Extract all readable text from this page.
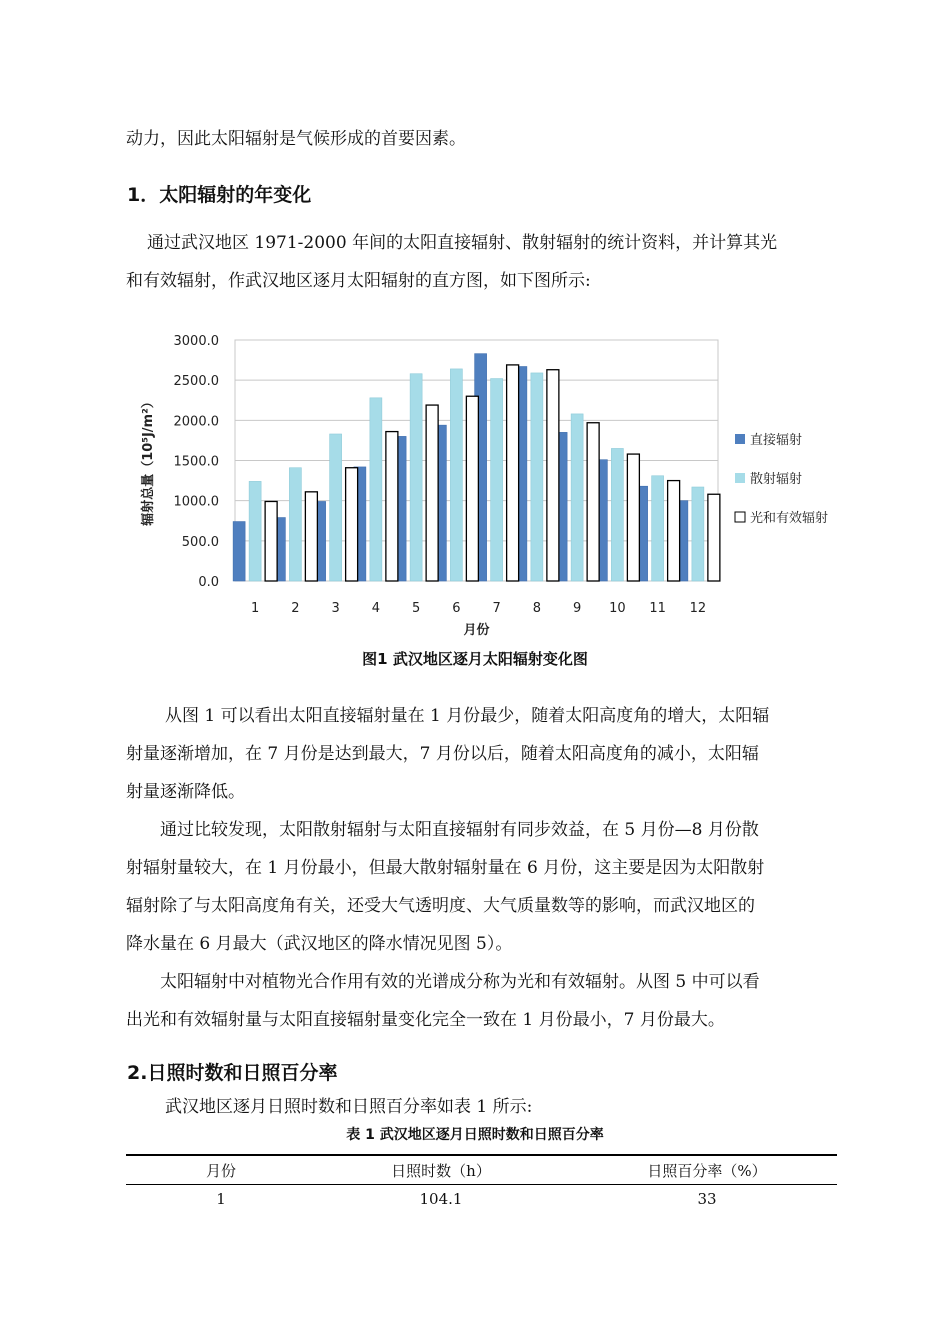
动力，因此太阳辐射是气候形成的首要因素。
1．太阳辐射的年变化
通过武汉地区 1971-2000 年间的太阳直接辐射、散射辐射的统计资料，并计算其光
和有效辐射，作武汉地区逐月太阳辐射的直方图，如下图所示:
0.0
500.0
1000.0
1500.0
2000.0
2500.0
3000.0
1 2 3 4 5 6 7 8 9 10 11 12
月份
辐射总量（10⁵J/m²）	直接辐射
散射辐射
光和有效辐射
图1 武汉地区逐月太阳辐射变化图
从图 1 可以看出太阳直接辐射量在 1 月份最少，随着太阳高度角的增大，太阳辐
射量逐渐增加，在 7 月份是达到最大，7 月份以后，随着太阳高度角的减小，太阳辐
射量逐渐降低。
通过比较发现，太阳散射辐射与太阳直接辐射有同步效益，在 5 月份—8 月份散
射辐射量较大，在 1 月份最小，但最大散射辐射量在 6 月份，这主要是因为太阳散射
辐射除了与太阳高度角有关，还受大气透明度、大气质量数等的影响，而武汉地区的
降水量在 6 月最大（武汉地区的降水情况见图 5）。
太阳辐射中对植物光合作用有效的光谱成分称为光和有效辐射。从图 5 中可以看
出光和有效辐射量与太阳直接辐射量变化完全一致在 1 月份最小，7 月份最大。
2.日照时数和日照百分率
武汉地区逐月日照时数和日照百分率如表 1 所示:
表 1 武汉地区逐月日照时数和日照百分率
月份	日照时数（h）	日照百分率（%）
1	104.1	33
